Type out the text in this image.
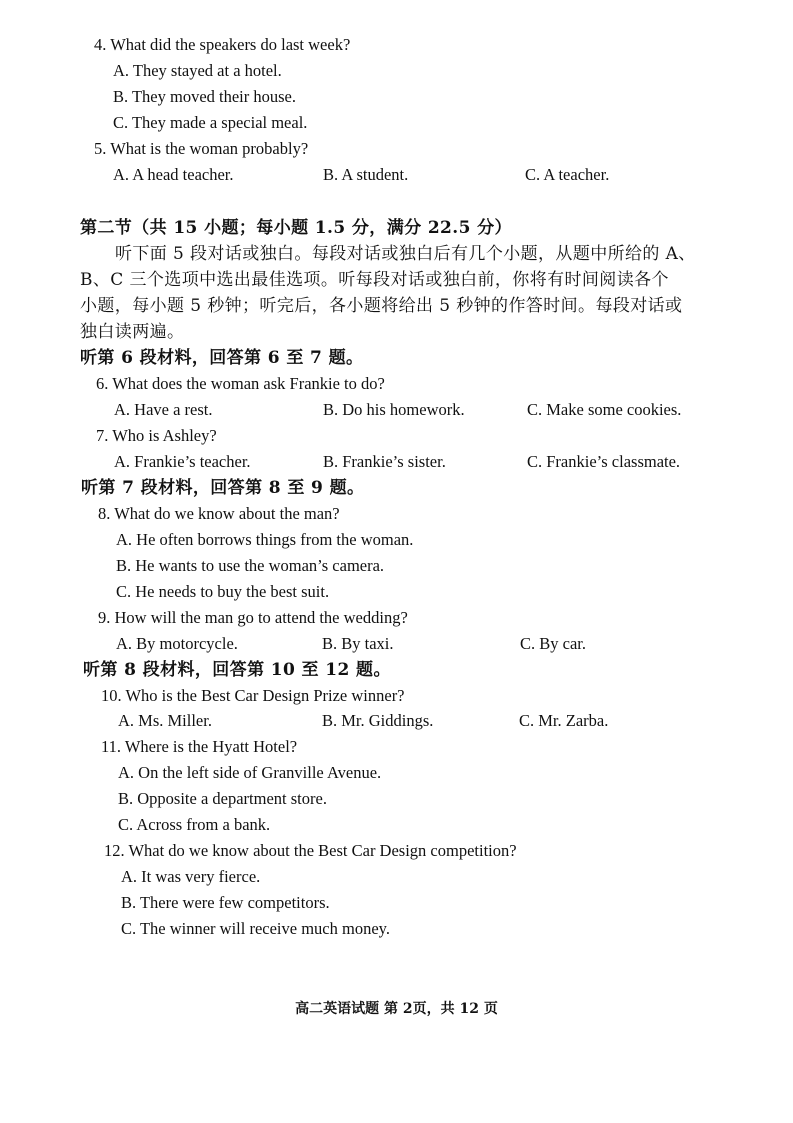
4. What did the speakers do last week?
A. They stayed at a hotel.
B. They moved their house.
C. They made a special meal.
5. What is the woman probably?
A. A head teacher.	B. A student.	C. A teacher.
第二节（共 15 小题；每小题 1.5 分，满分 22.5 分）
听下面 5 段对话或独白。每段对话或独白后有几个小题，从题中所给的 A、
B、C 三个选项中选出最佳选项。听每段对话或独白前，你将有时间阅读各个
小题，每小题 5 秒钟；听完后，各小题将给出 5 秒钟的作答时间。每段对话或
独白读两遍。
听第 6 段材料，回答第 6 至 7 题。
6. What does the woman ask Frankie to do?
A. Have a rest.	B. Do his homework.	C. Make some cookies.
7. Who is Ashley?
A. Frankie’s teacher.	B. Frankie’s sister.	C. Frankie’s classmate.
听第 7 段材料，回答第 8 至 9 题。
8. What do we know about the man?
A. He often borrows things from the woman.
B. He wants to use the woman’s camera.
C. He needs to buy the best suit.
9. How will the man go to attend the wedding?
A. By motorcycle.	B. By taxi.	C. By car.
听第 8 段材料，回答第 10 至 12 题。
10. Who is the Best Car Design Prize winner?
A. Ms. Miller.	B. Mr. Giddings.	C. Mr. Zarba.
11. Where is the Hyatt Hotel?
A. On the left side of Granville Avenue.
B. Opposite a department store.
C. Across from a bank.
12. What do we know about the Best Car Design competition?
A. It was very fierce.
B. There were few competitors.
C. The winner will receive much money.
高二英语试题 第 2页，共 12 页
